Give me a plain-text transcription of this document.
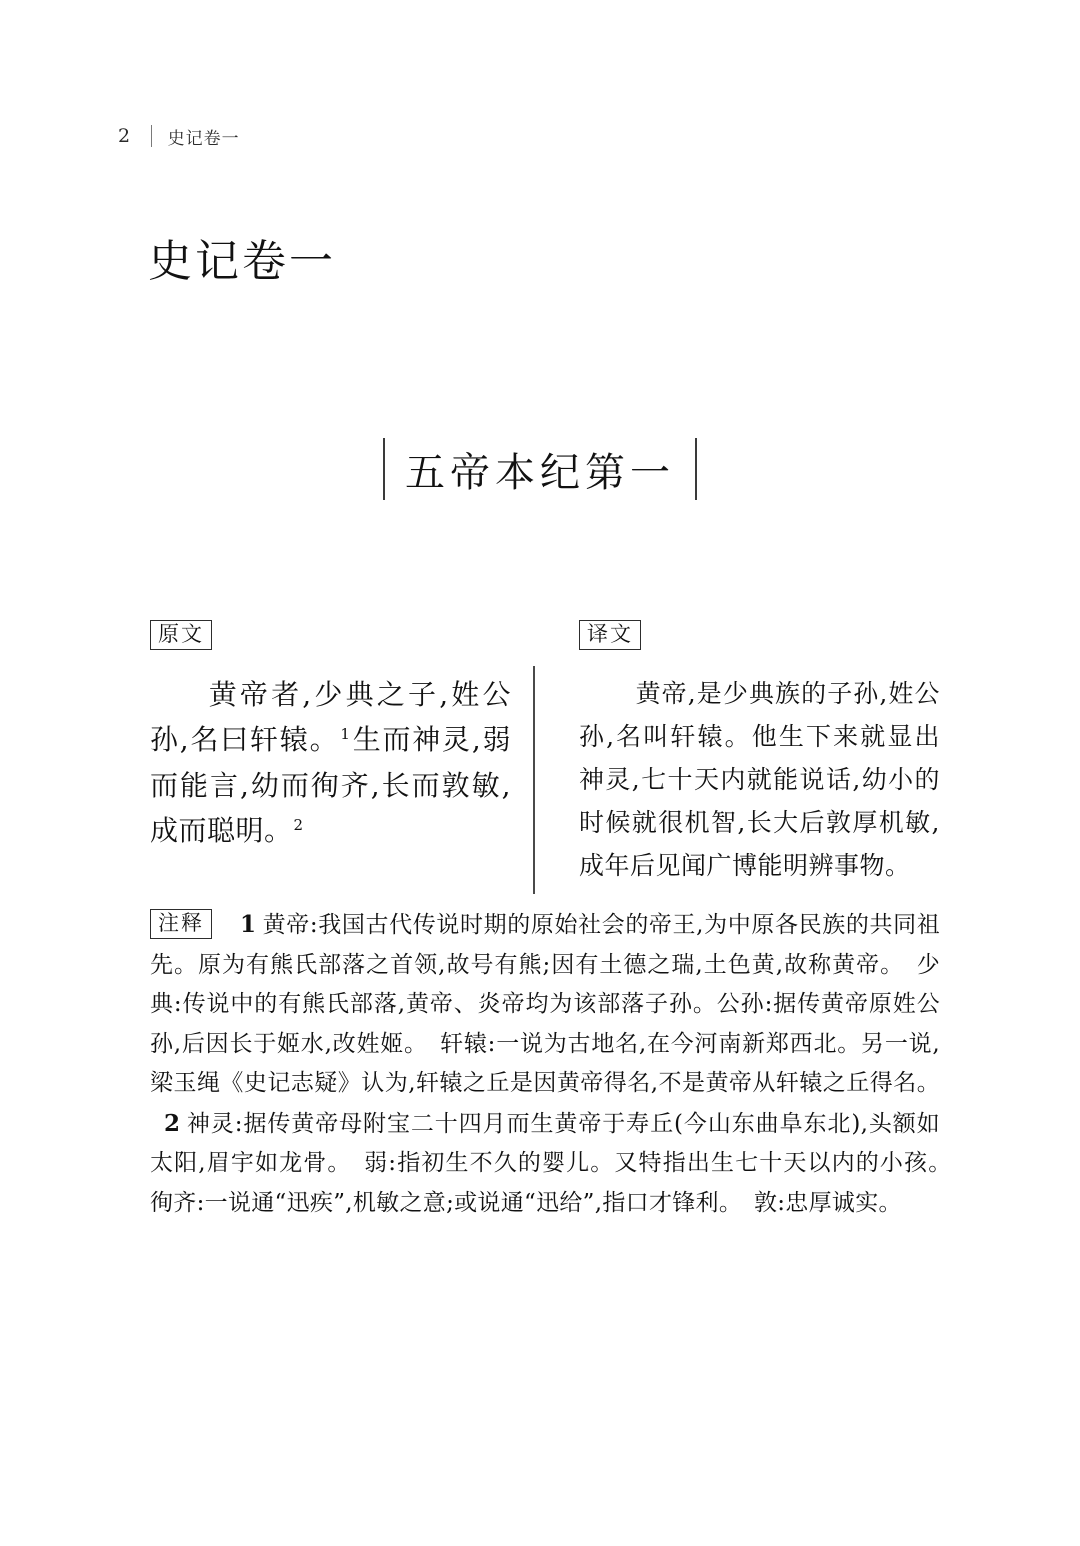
2 史记卷一
史记卷一
五帝本纪第一
原文
黄帝者,少典之子,姓公孙,名曰轩辕。$^1$生而神灵,弱而能言,幼而徇齐,长而敦敏,成而聪明。$^2$
译文
黄帝,是少典族的子孙,姓公孙,名叫轩辕。他生下来就显出神灵,七十天内就能说话,幼小的时候就很机智,长大后敦厚机敏,成年后见闻广博能明辨事物。
注释 1 黄帝:我国古代传说时期的原始社会的帝王,为中原各民族的共同祖先。原为有熊氏部落之首领,故号有熊;因有土德之瑞,土色黄,故称黄帝。　少典:传说中的有熊氏部落,黄帝、炎帝均为该部落子孙。公孙:据传黄帝原姓公孙,后因长于姬水,改姓姬。　轩辕:一说为古地名,在今河南新郑西北。另一说,梁玉绳《史记志疑》认为,轩辕之丘是因黄帝得名,不是黄帝从轩辕之丘得名。2 神灵:据传黄帝母附宝二十四月而生黄帝于寿丘(今山东曲阜东北),头额如太阳,眉宇如龙骨。　弱:指初生不久的婴儿。又特指出生七十天以内的小孩。　徇齐:一说通“迅疾”,机敏之意;或说通“迅给”,指口才锋利。　敦:忠厚诚实。
